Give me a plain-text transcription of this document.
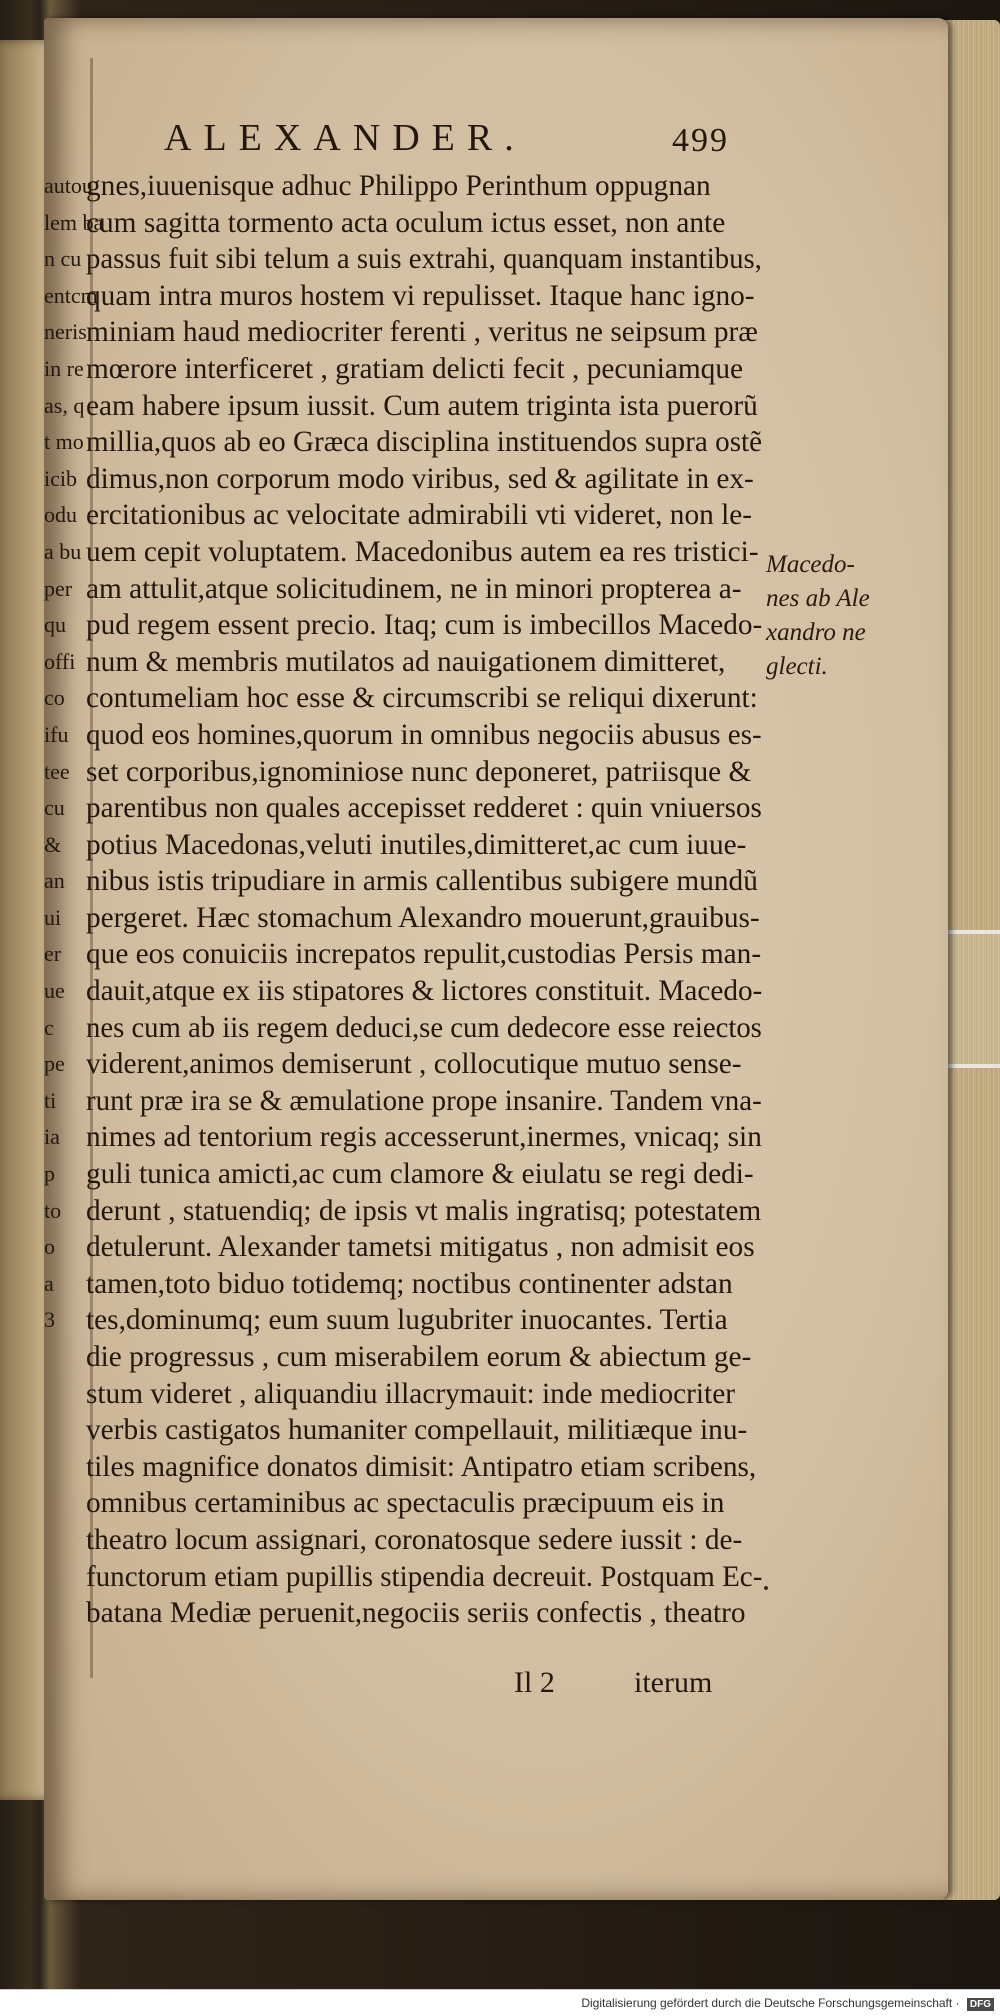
ALEXANDER.	499
autou
lem ba
n cu
entcm
neris
in re
as, q
t mo
icib
odu
a bu
per
qu
offi
co
ifu
tee
cu
&
an
ui
er
ue
c
pe
ti
ia
p
to
o
a
3
gnes,iuuenisque adhuc Philippo Perinthum oppugnan
cum sagitta tormento acta oculum ictus esset, non ante
passus fuit sibi telum a suis extrahi, quanquam instantibus,
quam intra muros hostem vi repulisset. Itaque hanc igno-
miniam haud mediocriter ferenti , veritus ne seipsum præ
mœrore interficeret , gratiam delicti fecit , pecuniamque
eam habere ipsum iussit. Cum autem triginta ista puerorũ
millia,quos ab eo Græca disciplina instituendos supra ostẽ
dimus,non corporum modo viribus, sed & agilitate in ex-
ercitationibus ac velocitate admirabili vti videret, non le-
uem cepit voluptatem. Macedonibus autem ea res tristici-
am attulit,atque solicitudinem, ne in minori propterea a-
pud regem essent precio. Itaq; cum is imbecillos Macedo-
num & membris mutilatos ad nauigationem dimitteret,
contumeliam hoc esse & circumscribi se reliqui dixerunt:
quod eos homines,quorum in omnibus negociis abusus es-
set corporibus,ignominiose nunc deponeret, patriisque &
parentibus non quales accepisset redderet : quin vniuersos
potius Macedonas,veluti inutiles,dimitteret,ac cum iuue-
nibus istis tripudiare in armis callentibus subigere mundũ
pergeret. Hæc stomachum Alexandro mouerunt,grauibus-
que eos conuiciis increpatos repulit,custodias Persis man-
dauit,atque ex iis stipatores & lictores constituit. Macedo-
nes cum ab iis regem deduci,se cum dedecore esse reiectos
viderent,animos demiserunt , collocutique mutuo sense-
runt præ ira se & æmulatione prope insanire. Tandem vna-
nimes ad tentorium regis accesserunt,inermes, vnicaq; sin
guli tunica amicti,ac cum clamore & eiulatu se regi dedi-
derunt , statuendiq; de ipsis vt malis ingratisq; potestatem
detulerunt. Alexander tametsi mitigatus , non admisit eos
tamen,toto biduo totidemq; noctibus continenter adstan
tes,dominumq; eum suum lugubriter inuocantes. Tertia
die progressus , cum miserabilem eorum & abiectum ge-
stum videret , aliquandiu illacrymauit: inde mediocriter
verbis castigatos humaniter compellauit, militiæque inu-
tiles magnifice donatos dimisit: Antipatro etiam scribens,
omnibus certaminibus ac spectaculis præcipuum eis in
theatro locum assignari, coronatosque sedere iussit : de-
functorum etiam pupillis stipendia decreuit. Postquam Ec-
batana Mediæ peruenit,negociis seriis confectis , theatro
Macedo-
nes ab Ale
xandro ne
glecti.
Il 2	iterum
Digitalisierung gefördert durch die Deutsche Forschungsgemeinschaft · DFG
